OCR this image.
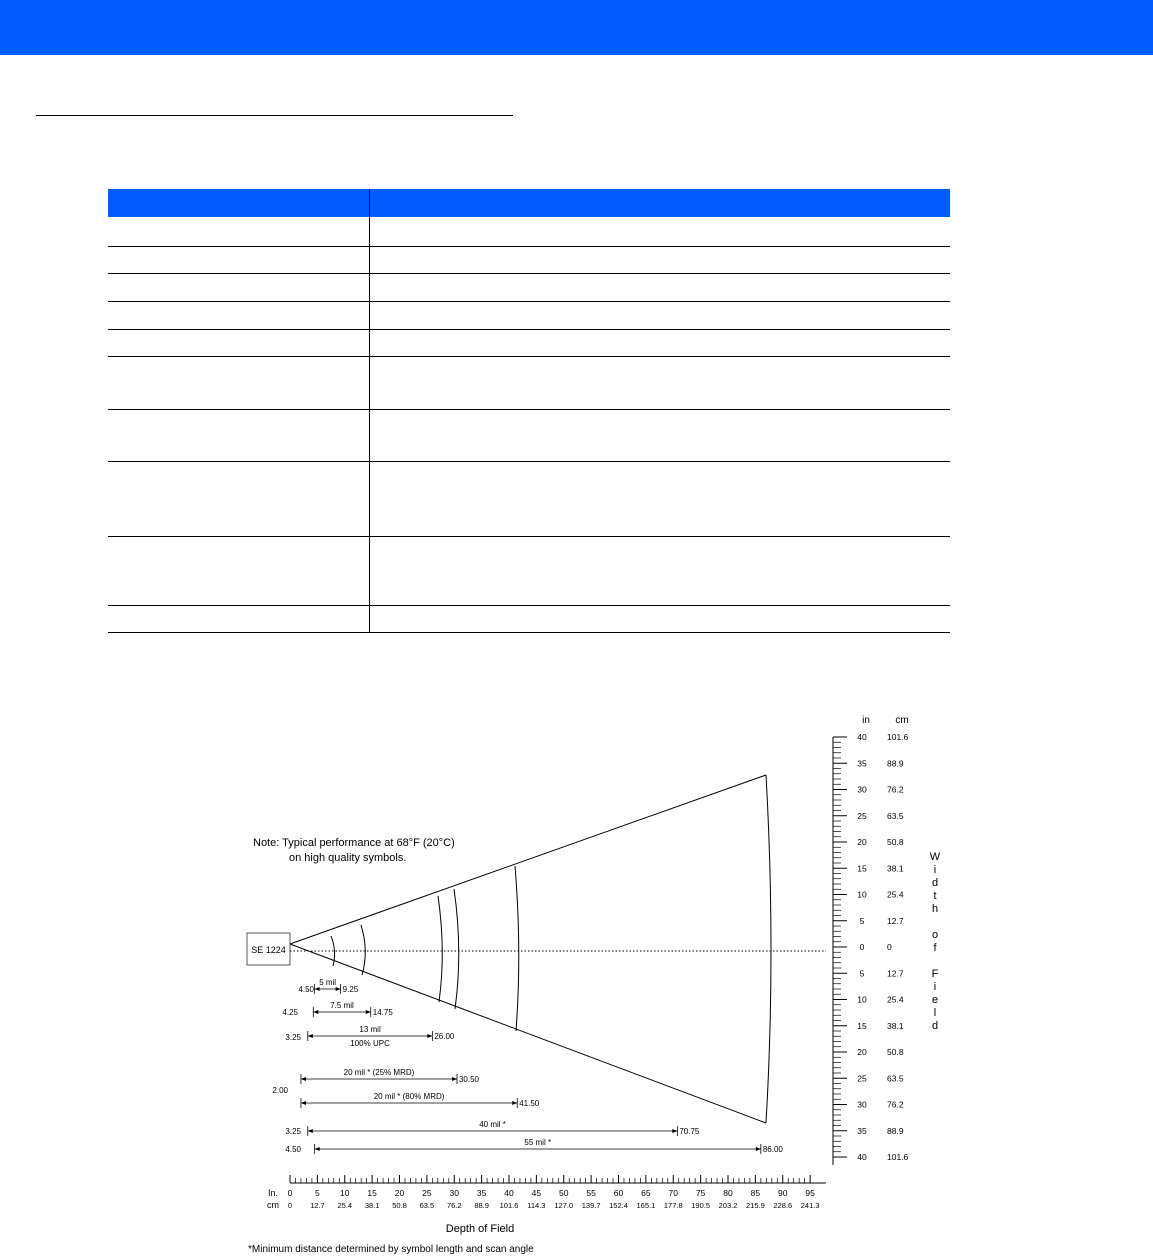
Note: Typical performance at 68°F (20°C)
on high quality symbols.
SE 1224
4.50	9.25
5 mil
4.25	14.75
7.5 mil
3.25	26.00
13 mil
100% UPC
2.00
30.50
20 mil * (25% MRD)
41.50
20 mil * (80% MRD)
3.25	70.75
40 mil *
4.50	86.00
55 mil *
in	cm
40 101.6
35 88.9
30 76.2
25 63.5
20 50.8
15 38.1
10 25.4
5	12.7
0	0
5	12.7
10 25.4
15 38.1
20 50.8
25 63.5
30 76.2
35 88.9
40 101.6
W
i
d
t
h
o
f
F
i
e
l
d
In.
cm
Depth of Field
0
0
5
12.7
10
25.4
15
38.1
20
50.8
25
63.5
30
76.2
35
88.9
40
101.6
45
114.3
50
127.0
55
139.7
60
152.4
65
165.1
70
177.8
75
190.5
80
203.2
85
215.9
90
228.6
95
241.3
*Minimum distance determined by symbol length and scan angle
